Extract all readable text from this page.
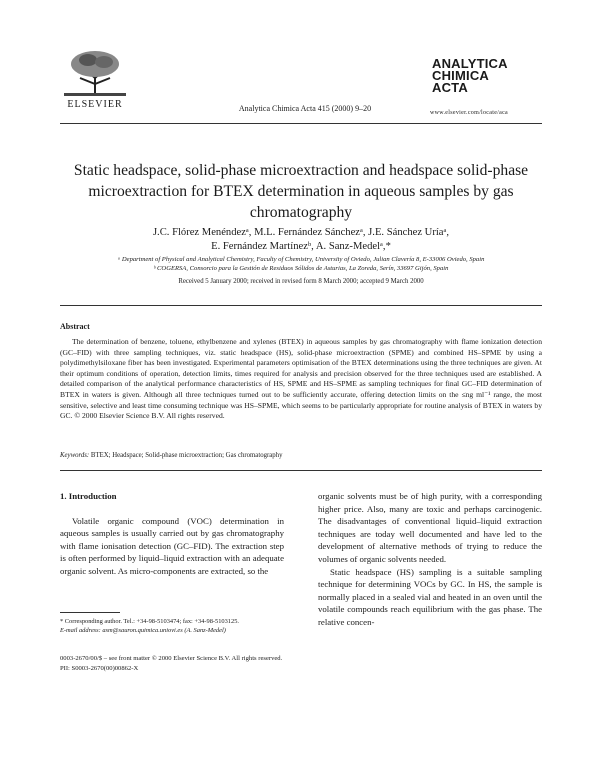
ELSEVIER	Analytica Chimica Acta 415 (2000) 9–20
ANALYTICA
CHIMICA
ACTA
www.elsevier.com/locate/aca
Static headspace, solid-phase microextraction and headspace solid-phase microextraction for BTEX determination in aqueous samples by gas chromatography
J.C. Flórez Menéndezᵃ, M.L. Fernández Sánchezᵃ, J.E. Sánchez Uríaᵃ,
E. Fernández Martínezᵇ, A. Sanz-Medelᵃ,*
ᵃ Department of Physical and Analytical Chemistry, Faculty of Chemistry, University of Oviedo, Julian Clavería 8, E-33006 Oviedo, Spain
ᵇ COGERSA, Consorcio para la Gestión de Residuos Sólidos de Asturias, La Zoreda, Serín, 33697 Gijón, Spain
Received 5 January 2000; received in revised form 8 March 2000; accepted 9 March 2000
Abstract
The determination of benzene, toluene, ethylbenzene and xylenes (BTEX) in aqueous samples by gas chromatography with flame ionization detection (GC–FID) with three sampling techniques, viz. static headspace (HS), solid-phase microextraction (SPME) and combined HS–SPME by using a polydimethylsiloxane fiber has been investigated. Experimental parameters optimisation of the BTEX determinations using the three techniques are given. At their optimum conditions of operation, detection limits, times required for analysis and precision observed for the three techniques used are established. A detailed comparison of the analytical performance characteristics of HS, SPME and HS–SPME as sampling techniques for final GC–FID determination of BTEX in waters is given. Although all three techniques turned out to be sufficiently accurate, offering detection limits on the ≤ng ml⁻¹ range, the most sensitive, selective and least time consuming technique was HS–SPME, which seems to be particularly appropriate for routine analysis of BTEX in waters by GC. © 2000 Elsevier Science B.V. All rights reserved.
Keywords: BTEX; Headspace; Solid-phase microextraction; Gas chromatography
1. Introduction

Volatile organic compound (VOC) determination in aqueous samples is usually carried out by gas chromatography with flame ionisation detection (GC–FID). The extraction step is often performed by liquid–liquid extraction with an adequate organic solvent. As micro-components are extracted, so the

organic solvents must be of high purity, with a corresponding higher price. Also, many are toxic and perhaps carcinogenic. The disadvantages of conventional liquid–liquid extraction techniques are today well documented and have led to the development of alternative methods of trying to reduce the volumes of organic solvents needed.

Static headspace (HS) sampling is a suitable sampling technique for determining VOCs by GC. In HS, the sample is normally placed in a sealed vial and heated in an oven until the volatile compounds reach equilibrium with the gas phase. The relative concen-

* Corresponding author. Tel.: +34-98-5103474; fax: +34-98-5103125.
E-mail address: asm@sauron.quimica.uniovi.es (A. Sanz-Medel)
0003-2670/00/$ – see front matter © 2000 Elsevier Science B.V. All rights reserved.
PII: S0003-2670(00)00862-X
